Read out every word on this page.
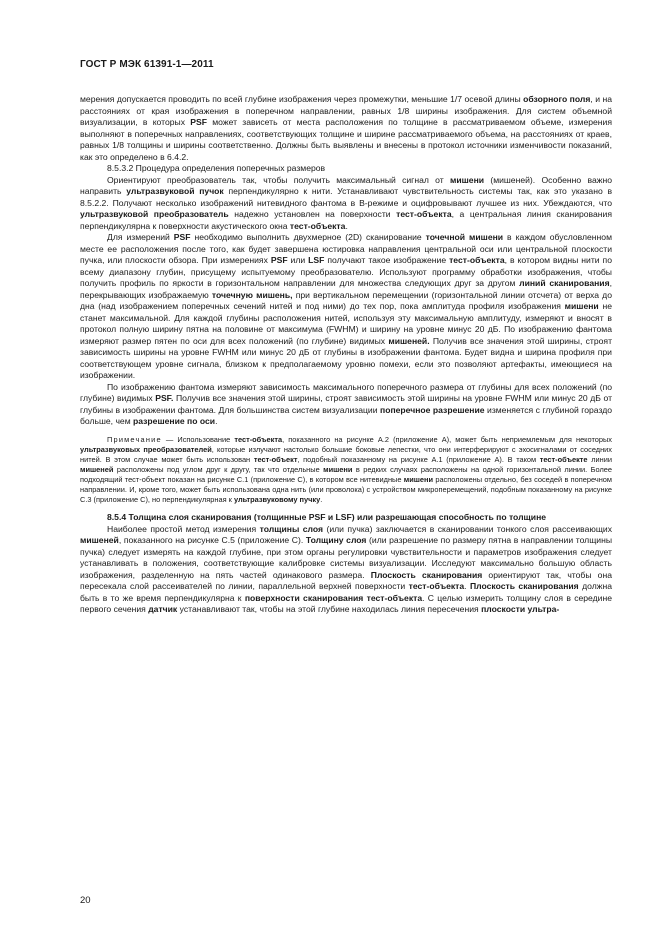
ГОСТ Р МЭК 61391-1—2011

мерения допускается проводить по всей глубине изображения через промежутки, меньшие 1/7 осевой длины обзорного поля, и на расстояниях от края изображения в поперечном направлении, равных 1/8 ширины изображения. Для систем объемной визуализации, в которых PSF может зависеть от места расположения по толщине в рассматриваемом объеме, измерения выполняют в поперечных направлениях, соответствующих толщине и ширине рассматриваемого объема, на расстояниях от краев, равных 1/8 толщины и ширины соответственно. Должны быть выявлены и внесены в протокол источники изменчивости показаний, как это определено в 6.4.2.

8.5.3.2 Процедура определения поперечных размеров

Ориентируют преобразователь так, чтобы получить максимальный сигнал от мишени (мишеней). Особенно важно направить ультразвуковой пучок перпендикулярно к нити. Устанавливают чувствительность системы так, как это указано в 8.5.2.2. Получают несколько изображений нитевидного фантома в В-режиме и оцифровывают лучшее из них. Убеждаются, что ультразвуковой преобразователь надежно установлен на поверхности тест-объекта, а центральная линия сканирования перпендикулярна к поверхности акустического окна тест-объекта.

Для измерений PSF необходимо выполнить двухмерное (2D) сканирование точечной мишени в каждом обусловленном месте ее расположения после того, как будет завершена юстировка направления центральной оси или центральной плоскости пучка, или плоскости обзора. При измерениях PSF или LSF получают такое изображение тест-объекта, в котором видны нити по всему диапазону глубин, присущему испытуемому преобразователю. Используют программу обработки изображения, чтобы получить профиль по яркости в горизонтальном направлении для множества следующих друг за другом линий сканирования, перекрывающих изображаемую точечную мишень, при вертикальном перемещении (горизонтальной линии отсчета) от верха до дна (над изображением поперечных сечений нитей и под ними) до тех пор, пока амплитуда профиля изображения мишени не станет максимальной. Для каждой глубины расположения нитей, используя эту максимальную амплитуду, измеряют и вносят в протокол полную ширину пятна на половине от максимума (FWHM) и ширину на уровне минус 20 дБ. По изображению фантома измеряют размер пятен по оси для всех положений (по глубине) видимых мишеней. Получив все значения этой ширины, строят зависимость ширины на уровне FWHM или минус 20 дБ от глубины в изображении фантома. Будет видна и ширина профиля при соответствующем уровне сигнала, близком к предполагаемому уровню помехи, если это позволяют артефакты, имеющиеся на изображении.

По изображению фантома измеряют зависимость максимального поперечного размера от глубины для всех положений (по глубине) видимых PSF. Получив все значения этой ширины, строят зависимость этой ширины на уровне FWHM или минус 20 дБ от глубины в изображении фантома. Для большинства систем визуализации поперечное разрешение изменяется с глубиной гораздо больше, чем разрешение по оси.

Примечание — Использование тест-объекта, показанного на рисунке А.2 (приложение А), может быть неприемлемым для некоторых ультразвуковых преобразователей, которые излучают настолько большие боковые лепестки, что они интерферируют с эхосигналами от соседних нитей. В этом случае может быть использован тест-объект, подобный показанному на рисунке А.1 (приложение А). В таком тест-объекте линии мишеней расположены под углом друг к другу, так что отдельные мишени в редких случаях расположены на одной горизонтальной линии. Более подходящий тест-объект показан на рисунке С.1 (приложение С), в котором все нитевидные мишени расположены отдельно, без соседей в поперечном направлении. И, кроме того, может быть использована одна нить (или проволока) с устройством микроперемещений, подобным показанному на рисунке С.3 (приложение С), но перпендикулярная к ультразвуковому пучку.

8.5.4 Толщина слоя сканирования (толщинные PSF и LSF) или разрешающая способность по толщине

Наиболее простой метод измерения толщины слоя (или пучка) заключается в сканировании тонкого слоя рассеивающих мишеней, показанного на рисунке С.5 (приложение С). Толщину слоя (или разрешение по размеру пятна в направлении толщины пучка) следует измерять на каждой глубине, при этом органы регулировки чувствительности и параметров изображения следует устанавливать в положения, соответствующие калибровке системы визуализации. Исследуют максимально большую область изображения, разделенную на пять частей одинакового размера. Плоскость сканирования ориентируют так, чтобы она пересекала слой рассеивателей по линии, параллельной верхней поверхности тест-объекта. Плоскость сканирования должна быть в то же время перпендикулярна к поверхности сканирования тест-объекта. С целью измерить толщину слоя в середине первого сечения датчик устанавливают так, чтобы на этой глубине находилась линия пересечения плоскости ультра-

20
